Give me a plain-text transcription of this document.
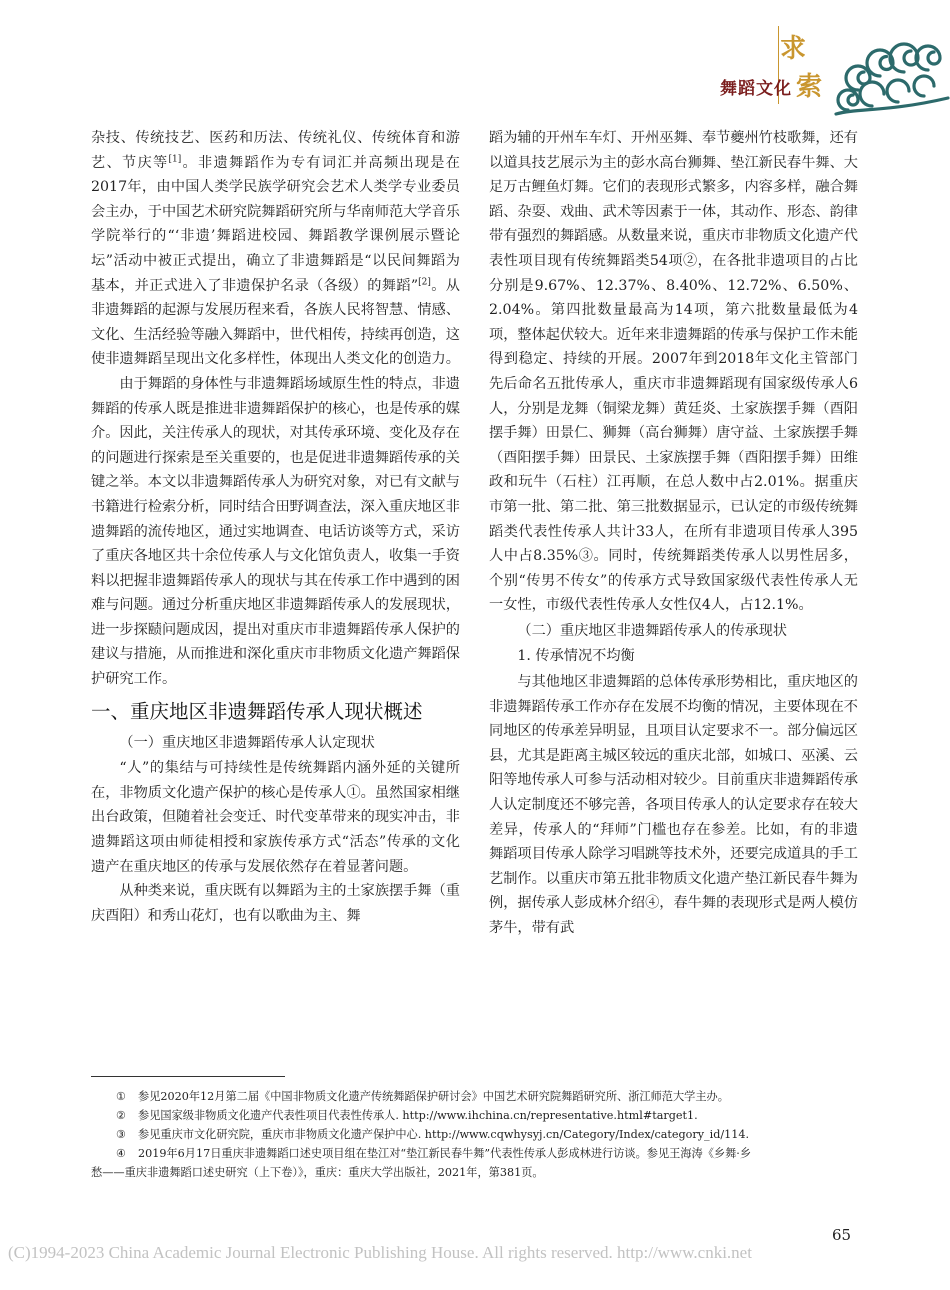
求
舞蹈文化 索

杂技、传统技艺、医药和历法、传统礼仪、传统体育和游艺、节庆等[1]。非遗舞蹈作为专有词汇并高频出现是在2017年，由中国人类学民族学研究会艺术人类学专业委员会主办，于中国艺术研究院舞蹈研究所与华南师范大学音乐学院举行的“‘非遗’舞蹈进校园、舞蹈教学课例展示暨论坛”活动中被正式提出，确立了非遗舞蹈是“以民间舞蹈为基本，并正式进入了非遗保护名录（各级）的舞蹈”[2]。从非遗舞蹈的起源与发展历程来看，各族人民将智慧、情感、文化、生活经验等融入舞蹈中，世代相传，持续再创造，这使非遗舞蹈呈现出文化多样性，体现出人类文化的创造力。

由于舞蹈的身体性与非遗舞蹈场域原生性的特点，非遗舞蹈的传承人既是推进非遗舞蹈保护的核心，也是传承的媒介。因此，关注传承人的现状，对其传承环境、变化及存在的问题进行探索是至关重要的，也是促进非遗舞蹈传承的关键之举。本文以非遗舞蹈传承人为研究对象，对已有文献与书籍进行检索分析，同时结合田野调查法，深入重庆地区非遗舞蹈的流传地区，通过实地调查、电话访谈等方式，采访了重庆各地区共十余位传承人与文化馆负责人，收集一手资料以把握非遗舞蹈传承人的现状与其在传承工作中遇到的困难与问题。通过分析重庆地区非遗舞蹈传承人的发展现状，进一步探赜问题成因，提出对重庆市非遗舞蹈传承人保护的建议与措施，从而推进和深化重庆市非物质文化遗产舞蹈保护研究工作。

一、重庆地区非遗舞蹈传承人现状概述

（一）重庆地区非遗舞蹈传承人认定现状

“人”的集结与可持续性是传统舞蹈内涵外延的关键所在，非物质文化遗产保护的核心是传承人①。虽然国家相继出台政策，但随着社会变迁、时代变革带来的现实冲击，非遗舞蹈这项由师徒相授和家族传承方式“活态”传承的文化遗产在重庆地区的传承与发展依然存在着显著问题。

从种类来说，重庆既有以舞蹈为主的土家族摆手舞（重庆酉阳）和秀山花灯，也有以歌曲为主、舞

蹈为辅的开州车车灯、开州巫舞、奉节夔州竹枝歌舞，还有以道具技艺展示为主的彭水高台狮舞、垫江新民春牛舞、大足万古鲤鱼灯舞。它们的表现形式繁多，内容多样，融合舞蹈、杂耍、戏曲、武术等因素于一体，其动作、形态、韵律带有强烈的舞蹈感。从数量来说，重庆市非物质文化遗产代表性项目现有传统舞蹈类54项②，在各批非遗项目的占比分别是9.67%、12.37%、8.40%、12.72%、6.50%、2.04%。第四批数量最高为14项，第六批数量最低为4项，整体起伏较大。近年来非遗舞蹈的传承与保护工作未能得到稳定、持续的开展。2007年到2018年文化主管部门先后命名五批传承人，重庆市非遗舞蹈现有国家级传承人6人，分别是龙舞（铜梁龙舞）黄廷炎、土家族摆手舞（酉阳摆手舞）田景仁、狮舞（高台狮舞）唐守益、土家族摆手舞（酉阳摆手舞）田景民、土家族摆手舞（酉阳摆手舞）田维政和玩牛（石柱）江再顺，在总人数中占2.01%。据重庆市第一批、第二批、第三批数据显示，已认定的市级传统舞蹈类代表性传承人共计33人，在所有非遗项目传承人395人中占8.35%③。同时，传统舞蹈类传承人以男性居多，个别“传男不传女”的传承方式导致国家级代表性传承人无一女性，市级代表性传承人女性仅4人，占12.1%。

（二）重庆地区非遗舞蹈传承人的传承现状

1. 传承情况不均衡

与其他地区非遗舞蹈的总体传承形势相比，重庆地区的非遗舞蹈传承工作亦存在发展不均衡的情况，主要体现在不同地区的传承差异明显，且项目认定要求不一。部分偏远区县，尤其是距离主城区较远的重庆北部，如城口、巫溪、云阳等地传承人可参与活动相对较少。目前重庆非遗舞蹈传承人认定制度还不够完善，各项目传承人的认定要求存在较大差异，传承人的“拜师”门槛也存在参差。比如，有的非遗舞蹈项目传承人除学习唱跳等技术外，还要完成道具的手工艺制作。以重庆市第五批非物质文化遗产垫江新民春牛舞为例，据传承人彭成林介绍④，春牛舞的表现形式是两人模仿茅牛，带有武

① 参见2020年12月第二届《中国非物质文化遗产传统舞蹈保护研讨会》中国艺术研究院舞蹈研究所、浙江师范大学主办。

② 参见国家级非物质文化遗产代表性项目代表性传承人. http://www.ihchina.cn/representative.html#target1.

③ 参见重庆市文化研究院，重庆市非物质文化遗产保护中心. http://www.cqwhysyj.cn/Category/Index/category_id/114.

④ 2019年6月17日重庆非遗舞蹈口述史项目组在垫江对“垫江新民春牛舞”代表性传承人彭成林进行访谈。参见王海涛《乡舞·乡

愁——重庆非遗舞蹈口述史研究（上下卷）》，重庆：重庆大学出版社，2021年，第381页。

65
(C)1994-2023 China Academic Journal Electronic Publishing House. All rights reserved. http://www.cnki.net
